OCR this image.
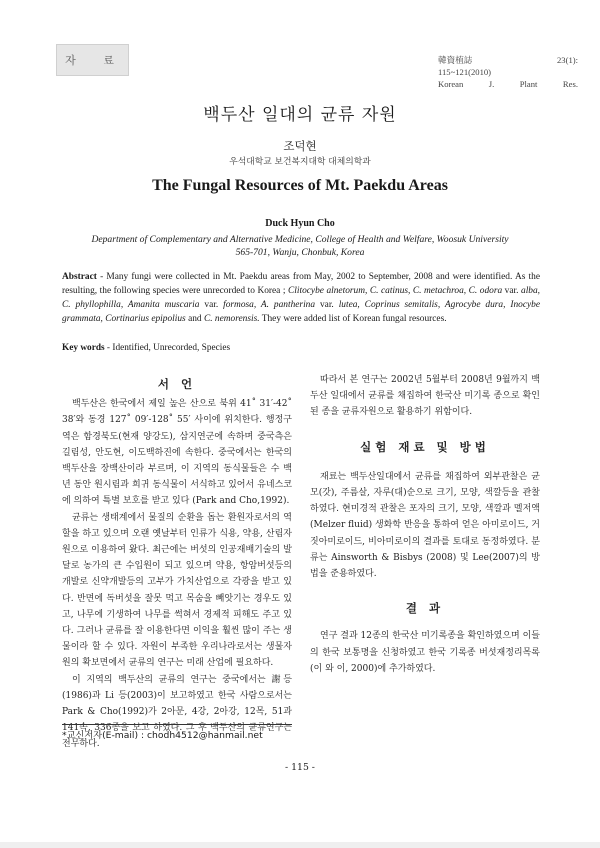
자 료	韓資植誌	23(1):
115~121(2010)
Korean	J.	Plant	Res.
백두산 일대의 균류 자원
조덕현
우석대학교 보건복지대학 대체의학과
The Fungal Resources of Mt. Paekdu Areas
Duck Hyun Cho
Department of Complementary and Alternative Medicine, College of Health and Welfare, Woosuk University
565-701, Wanju, Chonbuk, Korea
Abstract - Many fungi were collected in Mt. Paekdu areas from May, 2002 to September, 2008 and were identified. As the resulting, the following species were unrecorded to Korea ; Clitocybe alnetorum, C. catinus, C. metachroa, C. odora var. alba, C. phyllophilla, Amanita muscaria var. formosa, A. pantherina var. lutea, Coprinus semitalis, Agrocybe dura, Inocybe grammata, Cortinarius epipolius and C. nemorensis. They were added list of Korean fungal resources.
Key words - Identified, Unrecorded, Species
서 언

백두산은 한국에서 제일 높은 산으로 북위 41˚ 31′-42˚ 38′와 동경 127˚ 09′-128˚ 55′ 사이에 위치한다. 행정구역은 함경북도(현재 양강도), 삼지연군에 속하며 중국측은 길림성, 안도현, 이도백하진에 속한다. 중국에서는 한국의 백두산을 장백산이라 부르며, 이 지역의 동식물들은 수 백년 동안 원시림과 희귀 동식물이 서식하고 있어서 유네스코에 의하여 특별 보호를 받고 있다 (Park and Cho,1992).

균류는 생태계에서 물질의 순환을 돕는 환원자로서의 역할을 하고 있으며 오랜 옛날부터 인류가 식용, 약용, 산림자원으로 이용하여 왔다. 최근에는 버섯의 인공재배기술의 발달로 농가의 큰 수입원이 되고 있으며 약용, 항암버섯등의 개발로 신약개발등의 고부가 가치산업으로 각광을 받고 있다. 반면에 독버섯을 잘못 먹고 목숨을 빼앗기는 경우도 있고, 나무에 기생하여 나무를 썩혀서 경제적 피해도 주고 있다. 그러나 균류를 잘 이용한다면 이익을 훨씬 많이 주는 생물이라 할 수 있다. 자원이 부족한 우리나라로서는 생물자원의 확보면에서 균류의 연구는 미래 산업에 필요하다.

이 지역의 백두산의 균류의 연구는 중국에서는 謝등 (1986)과 Li 등(2003)이 보고하였고 한국 사람으로서는 Park & Cho(1992)가 2아문, 4강, 2아강, 12목, 51과 141속, 336종을 보고 하였다. 그 후 백두산의 균류연구는 전무하다.

따라서 본 연구는 2002년 5월부터 2008년 9월까지 백두산 일대에서 균류를 채집하여 한국산 미기록 종으로 확인된 종을 균류자원으로 활용하기 위함이다.

실험 재료 및 방법

재료는 백두산일대에서 균류를 채집하여 외부관찰은 균모(갓), 주름살, 자루(대)순으로 크기, 모양, 색깔등을 관찰하였다. 현미경적 관찰은 포자의 크기, 모양, 색깔과 멜저액(Melzer fluid) 생화학 반응을 통하여 얻은 아미로이드, 거짓아미로이드, 비아미로이의 결과를 토대로 동정하였다. 분류는 Ainsworth & Bisbys (2008) 및 Lee(2007)의 방법을 준용하였다.

결 과

연구 결과 12종의 한국산 미기록종을 확인하였으며 이들의 한국 보통명을 신청하였고 한국 기록종 버섯재정리목록(이 와 이, 2000)에 추가하였다.

*교신저자(E-mail) : chodh4512@hanmail.net
- 115 -
